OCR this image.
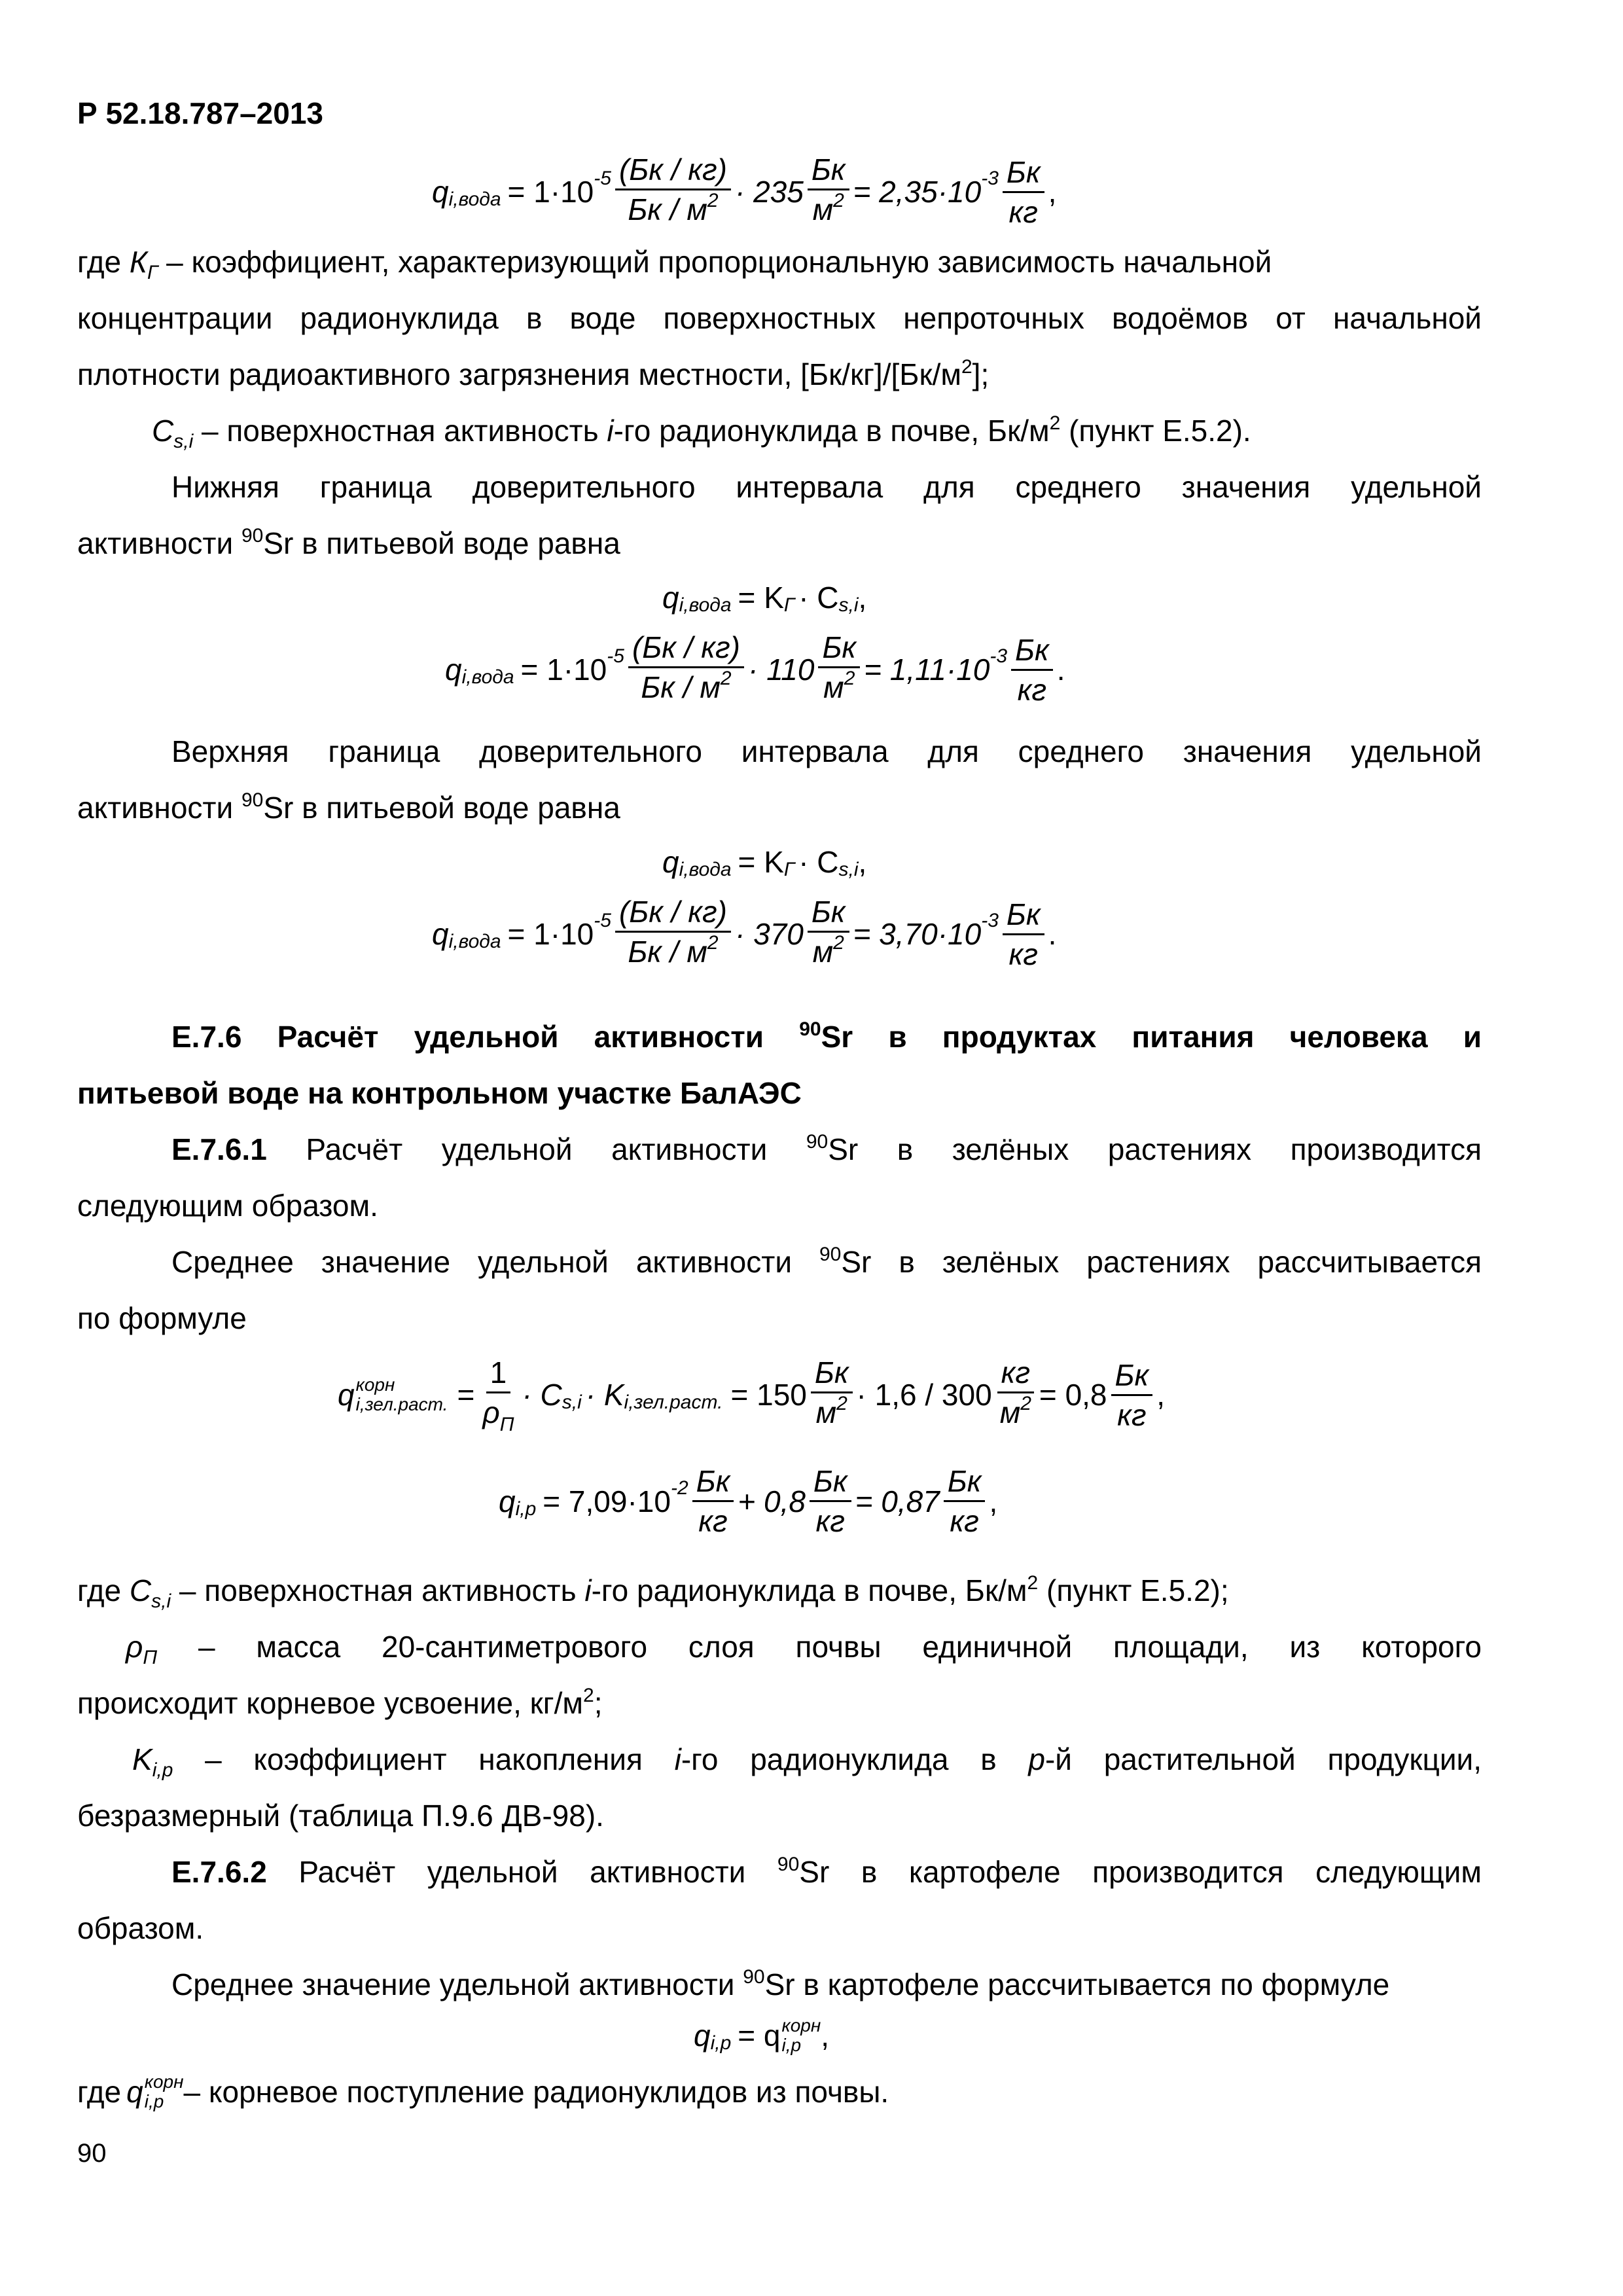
Р 52.18.787–2013
q i,вода = 1·10 $-5 \frac{(Бк / кг)}{Бк / м^2} \cdot 235 \frac{Бк}{м^2} = 2,35\cdot 10$ $-3 \frac{Бк}{кг}$ ,
где $К_Г$ – коэффициент, характеризующий пропорциональную зависимость начальной
концентрации радионуклида в воде поверхностных непроточных водоёмов от начальной
плотности радиоактивного загрязнения местности, $[Бк/кг]/[Бк/м^2]$;
$C_{s,i}$ – поверхностная активность i-го радионуклида в почве, $Бк/м^2$ (пункт Е.5.2).
Нижняя граница доверительного интервала для среднего значения удельной
активности $^{90}$Sr в питьевой воде равна
q i,вода = K Г · C s,i ,
q i,вода = 1·10 $-5 \frac{(Бк / кг)}{Бк / м^2} \cdot 110 \frac{Бк}{м^2} = 1,11\cdot 10$ $-3 \frac{Бк}{кг}$ .
Верхняя граница доверительного интервала для среднего значения удельной
активности $^{90}$Sr в питьевой воде равна
q i,вода = K Г · C s,i ,
q i,вода = 1·10 $-5 \frac{(Бк / кг)}{Бк / м^2} \cdot 370 \frac{Бк}{м^2} = 3,70\cdot 10$ $-3 \frac{Бк}{кг}$ .
Е.7.6 Расчёт удельной активности $^{90}$Sr в продуктах питания человека и
питьевой воде на контрольном участке БалАЭС
Е.7.6.1 Расчёт удельной активности $^{90}$Sr в зелёных растениях производится
следующим образом.
Среднее значение удельной активности $^{90}$Sr в зелёных растениях рассчитывается
по формуле
q корн
i,зел.раст. = $\frac{1}{\rho_П} \cdot C$ s,i · K i,зел.раст. = $150 \frac{Бк}{м^2} \cdot 1,6 / 300 \frac{кг}{м^2} = 0,8 \frac{Бк}{кг}$ ,
q i,p = 7,09·10 $-2 \frac{Бк}{кг} + 0,8 \frac{Бк}{кг} = 0,87 \frac{Бк}{кг}$ ,
где $C_{s,i}$ – поверхностная активность i-го радионуклида в почве, $Бк/м^2$ (пункт Е.5.2);
$\rho_П$ – масса 20-сантиметрового слоя почвы единичной площади, из которого
происходит корневое усвоение, $кг/м^2$;
$K_{i,p}$ – коэффициент накопления i-го радионуклида в p-й растительной продукции,
безразмерный (таблица П.9.6 ДВ-98).
Е.7.6.2 Расчёт удельной активности $^{90}$Sr в картофеле производится следующим
образом.
Среднее значение удельной активности $^{90}$Sr в картофеле рассчитывается по формуле
q i,p = q корн
i,p ,
где q корн
i,p – корневое поступление радионуклидов из почвы.
90
